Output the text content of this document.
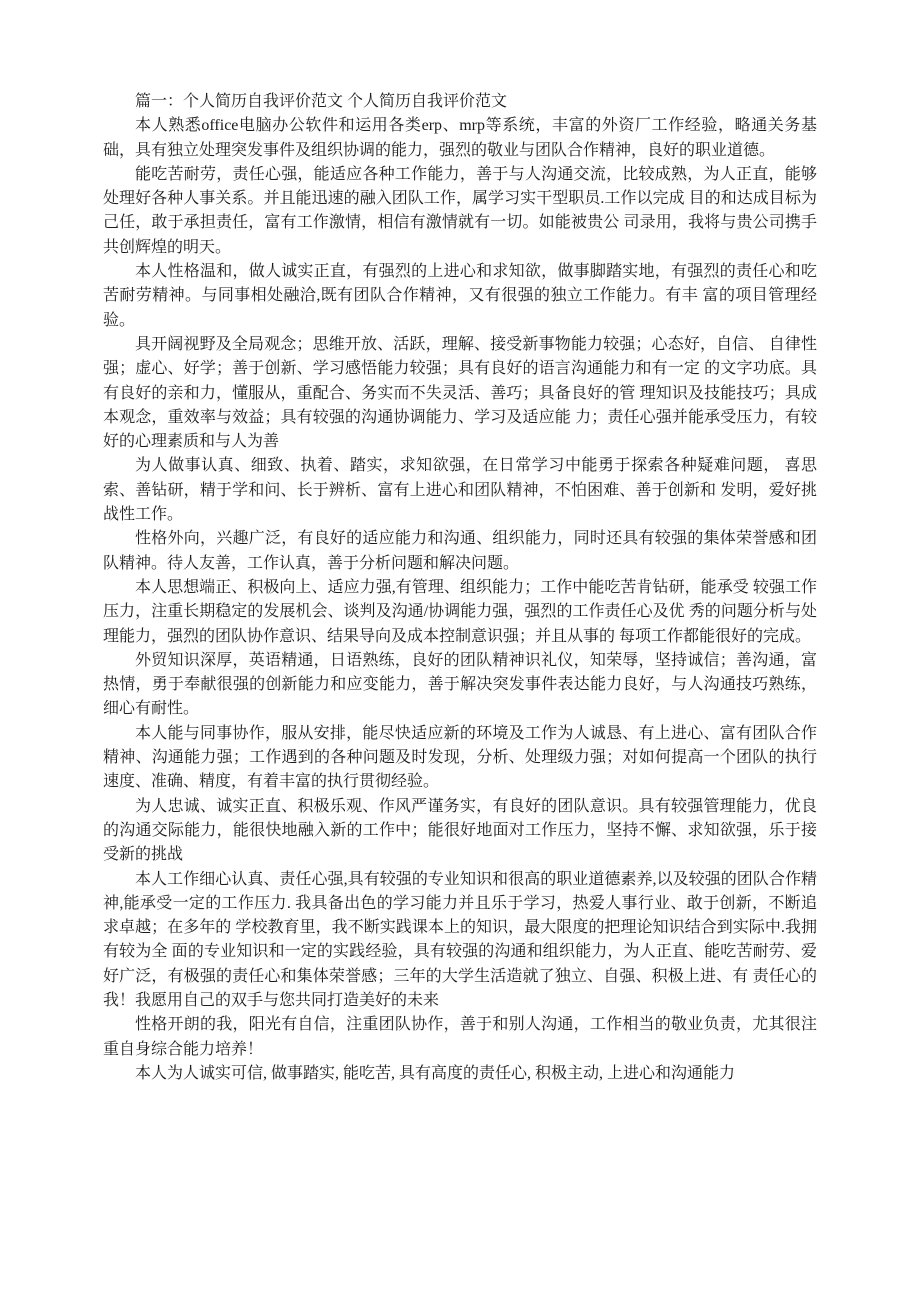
篇一：个人简历自我评价范文 个人简历自我评价范文

本人熟悉office电脑办公软件和运用各类erp、mrp等系统，丰富的外资厂工作经验，略通关务基础，具有独立处理突发事件及组织协调的能力，强烈的敬业与团队合作精神，良好的职业道德。

能吃苦耐劳，责任心强，能适应各种工作能力，善于与人沟通交流，比较成熟，为人正直，能够处理好各种人事关系。并且能迅速的融入团队工作，属学习实干型职员.工作以完成 目的和达成目标为己任，敢于承担责任，富有工作激情，相信有激情就有一切。如能被贵公 司录用，我将与贵公司携手共创辉煌的明天。

本人性格温和，做人诚实正直，有强烈的上进心和求知欲，做事脚踏实地，有强烈的责任心和吃苦耐劳精神。与同事相处融洽,既有团队合作精神，又有很强的独立工作能力。有丰 富的项目管理经验。

具开阔视野及全局观念；思维开放、活跃，理解、接受新事物能力较强；心态好，自信、 自律性强；虚心、好学；善于创新、学习感悟能力较强；具有良好的语言沟通能力和有一定 的文字功底。具有良好的亲和力，懂服从，重配合、务实而不失灵活、善巧；具备良好的管 理知识及技能技巧；具成本观念，重效率与效益；具有较强的沟通协调能力、学习及适应能 力；责任心强并能承受压力，有较好的心理素质和与人为善

为人做事认真、细致、执着、踏实，求知欲强，在日常学习中能勇于探索各种疑难问题， 喜思索、善钻研，精于学和问、长于辨析、富有上进心和团队精神，不怕困难、善于创新和 发明，爱好挑战性工作。

性格外向，兴趣广泛，有良好的适应能力和沟通、组织能力，同时还具有较强的集体荣誉感和团队精神。待人友善，工作认真，善于分析问题和解决问题。

本人思想端正、积极向上、适应力强,有管理、组织能力；工作中能吃苦肯钻研，能承受 较强工作压力，注重长期稳定的发展机会、谈判及沟通/协调能力强，强烈的工作责任心及优 秀的问题分析与处理能力，强烈的团队协作意识、结果导向及成本控制意识强；并且从事的 每项工作都能很好的完成。

外贸知识深厚，英语精通，日语熟练，良好的团队精神识礼仪，知荣辱，坚持诚信；善沟通，富热情，勇于奉献很强的创新能力和应变能力，善于解决突发事件表达能力良好，与人沟通技巧熟练，细心有耐性。

本人能与同事协作，服从安排，能尽快适应新的环境及工作为人诚恳、有上进心、富有团队合作精神、沟通能力强；工作遇到的各种问题及时发现，分析、处理级力强；对如何提高一个团队的执行速度、准确、精度，有着丰富的执行贯彻经验。

为人忠诚、诚实正直、积极乐观、作风严谨务实，有良好的团队意识。具有较强管理能力，优良的沟通交际能力，能很快地融入新的工作中；能很好地面对工作压力，坚持不懈、求知欲强，乐于接受新的挑战

本人工作细心认真、责任心强,具有较强的专业知识和很高的职业道德素养,以及较强的团队合作精神,能承受一定的工作压力. 我具备出色的学习能力并且乐于学习，热爱人事行业、敢于创新，不断追求卓越；在多年的 学校教育里，我不断实践课本上的知识，最大限度的把理论知识结合到实际中.我拥有较为全 面的专业知识和一定的实践经验，具有较强的沟通和组织能力，为人正直、能吃苦耐劳、爱 好广泛，有极强的责任心和集体荣誉感；三年的大学生活造就了独立、自强、积极上进、有 责任心的我！我愿用自己的双手与您共同打造美好的未来

性格开朗的我，阳光有自信，注重团队协作，善于和别人沟通，工作相当的敬业负责，尤其很注重自身综合能力培养！

本人为人诚实可信, 做事踏实, 能吃苦, 具有高度的责任心, 积极主动, 上进心和沟通能力
